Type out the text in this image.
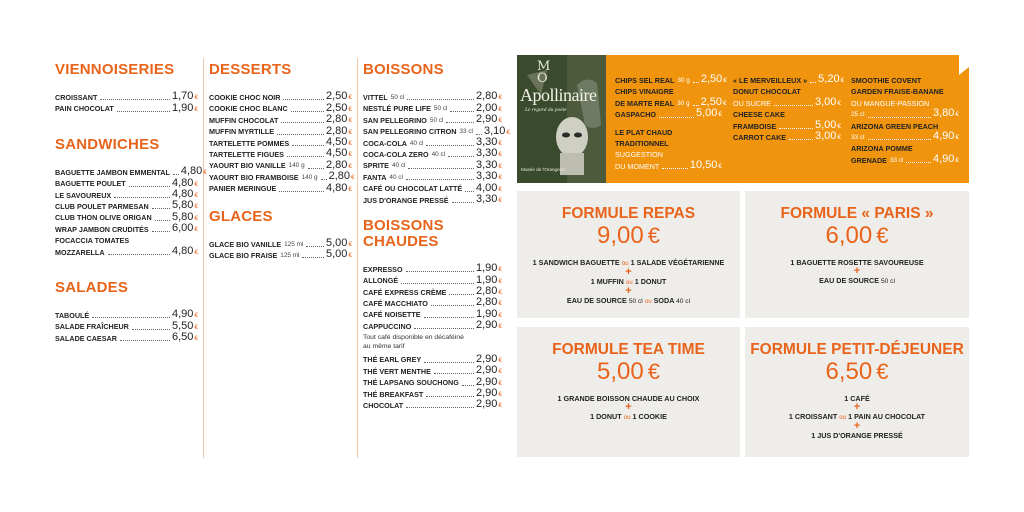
VIENNOISERIES
CROISSANT	1,70€
PAIN CHOCOLAT	1,90€
SANDWICHES
BAGUETTE JAMBON EMMENTAL 4,80€
BAGUETTE POULET	4,80€
LE SAVOUREUX	4,80€
CLUB POULET PARMESAN 5,80€
CLUB THON OLIVE ORIGAN 5,80€
WRAP JAMBON CRUDITÉS 6,00€
FOCACCIA TOMATES
MOZZARELLA	4,80€
SALADES
TABOULÉ	4,90€
SALADE FRAÎCHEUR	5,50€
SALADE CAESAR	6,50€
DESSERTS
COOKIE CHOC NOIR	2,50€
COOKIE CHOC BLANC	2,50€
MUFFIN CHOCOLAT	2,80€
MUFFIN MYRTILLE	2,80€
TARTELETTE POMMES	4,50€
TARTELETTE FIGUES	4,50€
YAOURT BIO VANILLE 140 g 2,80€
YAOURT BIO FRAMBOISE 140 g 2,80€
PANIER MERINGUE	4,80€
GLACES
GLACE BIO VANILLE 125 ml 5,00€
GLACE BIO FRAISE 125 ml 5,00€
BOISSONS
VITTEL 50 cl	2,80€
NESTLÉ PURE LIFE 50 cl	2,00€
SAN PELLEGRINO 50 cl	2,90€
SAN PELLEGRINO CITRON 33 cl 3,10€
COCA-COLA 40 cl	3,30€
COCA-COLA ZERO 40 cl	3,30€
SPRITE 40 cl	3,30€
FANTA 40 cl	3,30€
CAFÉ OU CHOCOLAT LATTÉ 4,00€
JUS D'ORANGE PRESSÉ 3,30€
BOISSONS CHAUDES
EXPRESSO	1,90€
ALLONGÉ	1,90€
CAFÉ EXPRESS CRÈME	2,80€
CAFÉ MACCHIATO	2,80€
CAFÉ NOISETTE	1,90€
CAPPUCCINO	2,90€
Tout café disponible en décaféiné
au même tarif
THÉ EARL GREY	2,90€
THÉ VERT MENTHE	2,90€
THÉ LAPSANG SOUCHONG 2,90€
THÉ BREAKFAST	2,90€
CHOCOLAT	2,90€
MO
Apollinaire
Le regard du poète
Musée de l'Orangerie
CHIPS SEL REAL 30 g 2,50€
CHIPS VINAIGRE
DE MARTE REAL 30 g 2,50€
GASPACHO	5,00€
LE PLAT CHAUD
TRADITIONNEL
SUGGESTION
DU MOMENT	10,50€
« LE MERVEILLEUX » 5,20€
DONUT CHOCOLAT
OU SUCRE	3,00€
CHEESE CAKE
FRAMBOISE	5,00€
CARROT CAKE	3,00€
SMOOTHIE COVENT
GARDEN FRAISE-BANANE
OU MANGUE-PASSION
25 cl	3,80€
ARIZONA GREEN PEACH
33 cl	4,90€
ARIZONA POMME
GRENADE 33 cl	4,90€
FORMULE REPAS
9,00 €
1 SANDWICH BAGUETTE ou 1 SALADE VÉGÉTARIENNE
+
1 MUFFIN ou 1 DONUT
+
EAU DE SOURCE 50 cl ou SODA 40 cl
FORMULE « PARIS »
6,00 €
1 BAGUETTE ROSETTE SAVOUREUSE
+
EAU DE SOURCE 50 cl
FORMULE TEA TIME
5,00 €
1 GRANDE BOISSON CHAUDE AU CHOIX
+
1 DONUT ou 1 COOKIE
FORMULE PETIT-DÉJEUNER
6,50 €
1 CAFÉ
+
1 CROISSANT ou 1 PAIN AU CHOCOLAT
+
1 JUS D'ORANGE PRESSÉ
